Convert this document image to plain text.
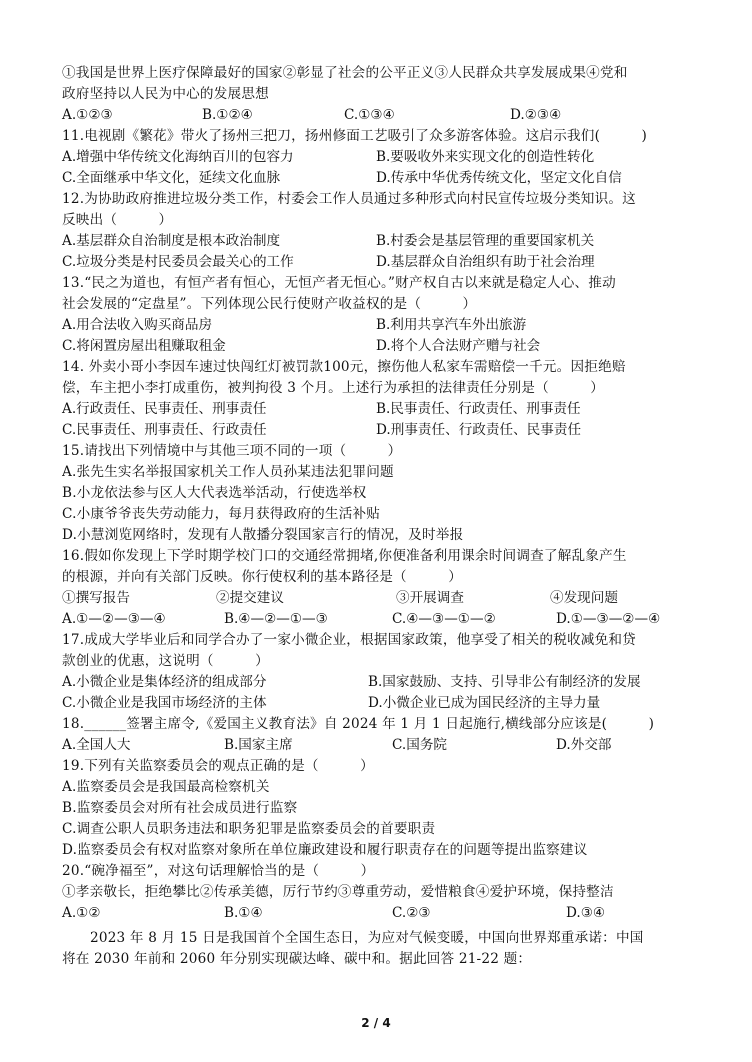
①我国是世界上医疗保障最好的国家②彰显了社会的公平正义③人民群众共享发展成果④党和
政府坚持以人民为中心的发展思想
A.①②③	B.①②④	C.①③④	D.②③④
11.电视剧《繁花》带火了扬州三把刀，扬州修面工艺吸引了众多游客体验。这启示我们(　　　)
A.增强中华传统文化海纳百川的包容力	B.要吸收外来实现文化的创造性转化
C.全面继承中华文化，延续文化血脉	D.传承中华优秀传统文化，坚定文化自信
12.为协助政府推进垃圾分类工作，村委会工作人员通过多种形式向村民宣传垃圾分类知识。这
反映出（　　　）
A.基层群众自治制度是根本政治制度	B.村委会是基层管理的重要国家机关
C.垃圾分类是村民委员会最关心的工作	D.基层群众自治组织有助于社会治理
13.“民之为道也，有恒产者有恒心，无恒产者无恒心。”财产权自古以来就是稳定人心、推动
社会发展的“定盘星”。下列体现公民行使财产收益权的是（　　　）
A.用合法收入购买商品房	B.利用共享汽车外出旅游
C.将闲置房屋出租赚取租金	D.将个人合法财产赠与社会
14. 外卖小哥小李因车速过快闯红灯被罚款100元，擦伤他人私家车需赔偿一千元。因拒绝赔
偿，车主把小李打成重伤，被判拘役 3 个月。上述行为承担的法律责任分别是（　　　）
A.行政责任、民事责任、刑事责任	B.民事责任、行政责任、刑事责任
C.民事责任、刑事责任、行政责任	D.刑事责任、行政责任、民事责任
15.请找出下列情境中与其他三项不同的一项（　　　）
A.张先生实名举报国家机关工作人员孙某违法犯罪问题
B.小龙依法参与区人大代表选举活动，行使选举权
C.小康爷爷丧失劳动能力，每月获得政府的生活补贴
D.小慧浏览网络时，发现有人散播分裂国家言行的情况，及时举报
16.假如你发现上下学时期学校门口的交通经常拥堵,你便准备利用课余时间调查了解乱象产生
的根源，并向有关部门反映。你行使权利的基本路径是（　　　）
①撰写报告	②提交建议	③开展调查	④发现问题
A.①—②—③—④	B.④—②—①—③	C.④—③—①—②	D.①—③—②—④
17.成成大学毕业后和同学合办了一家小微企业，根据国家政策，他享受了相关的税收减免和贷
款创业的优惠，这说明（　　　）
A.小微企业是集体经济的组成部分	B.国家鼓励、支持、引导非公有制经济的发展
C.小微企业是我国市场经济的主体	D.小微企业已成为国民经济的主导力量
18.______签署主席令,《爱国主义教育法》自 2024 年 1 月 1 日起施行,横线部分应该是(　　　)
A.全国人大	B.国家主席	C.国务院	D.外交部
19.下列有关监察委员会的观点正确的是（　　　）
A.监察委员会是我国最高检察机关
B.监察委员会对所有社会成员进行监察
C.调查公职人员职务违法和职务犯罪是监察委员会的首要职责
D.监察委员会有权对监察对象所在单位廉政建设和履行职责存在的问题等提出监察建议
20.“碗净福至”，对这句话理解恰当的是（　　　）
①孝亲敬长，拒绝攀比②传承美德，厉行节约③尊重劳动，爱惜粮食④爱护环境，保持整洁
A.①②	B.①④	C.②③	D.③④
2023 年 8 月 15 日是我国首个全国生态日，为应对气候变暖，中国向世界郑重承诺：中国
将在 2030 年前和 2060 年分别实现碳达峰、碳中和。据此回答 21-22 题：
2 / 4
